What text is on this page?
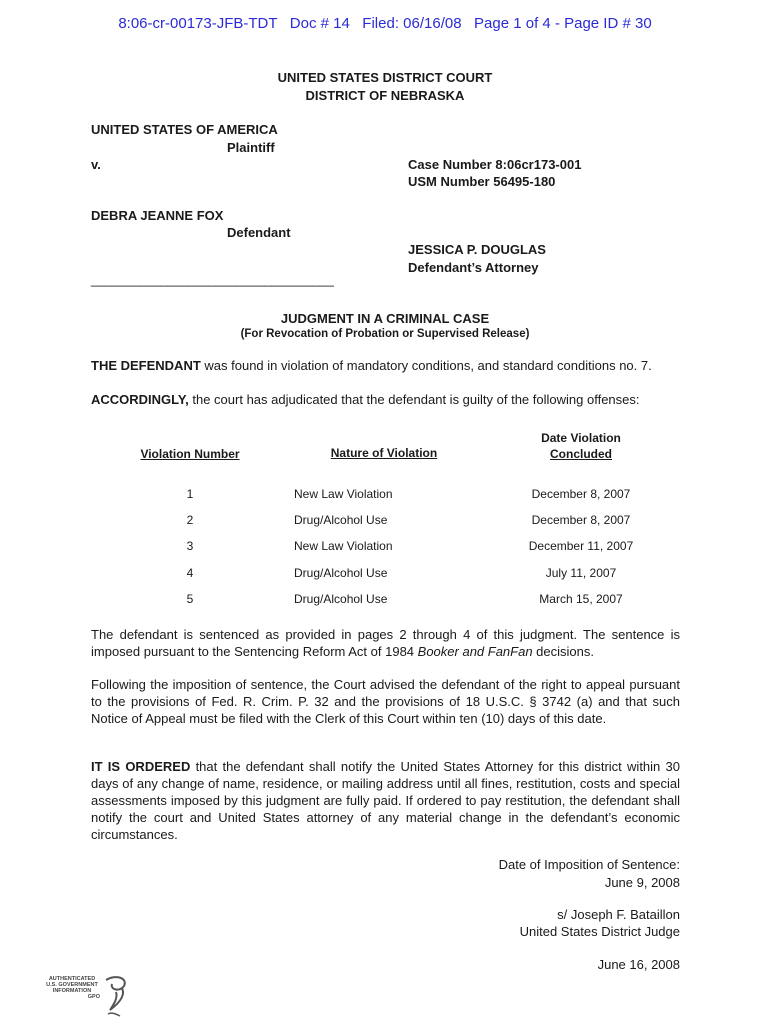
8:06-cr-00173-JFB-TDT   Doc # 14   Filed: 06/16/08   Page 1 of 4 - Page ID # 30
UNITED STATES DISTRICT COURT
DISTRICT OF NEBRASKA
UNITED STATES OF AMERICA
Plaintiff
v.	Case Number 8:06cr173-001
USM Number 56495-180
DEBRA JEANNE FOX
Defendant
JESSICA P. DOUGLAS
Defendant’s Attorney
___________________________________
JUDGMENT IN A CRIMINAL CASE
(For Revocation of Probation or Supervised Release)
THE DEFENDANT was found in violation of mandatory conditions, and standard conditions no. 7.
ACCORDINGLY, the court has adjudicated that the defendant is guilty of the following offenses:
Violation Number	Nature of Violation
Date Violation
Concluded
1	New Law Violation	December 8, 2007
2	Drug/Alcohol Use	December 8, 2007
3	New Law Violation	December 11, 2007
4	Drug/Alcohol Use	July 11, 2007
5	Drug/Alcohol Use	March 15, 2007
The defendant is sentenced as provided in pages 2 through 4 of this judgment. The sentence is imposed pursuant to the Sentencing Reform Act of 1984 Booker and FanFan decisions.
Following the imposition of sentence, the Court advised the defendant of the right to appeal pursuant to the provisions of Fed. R. Crim. P. 32 and the provisions of 18 U.S.C. § 3742 (a) and that such Notice of Appeal must be filed with the Clerk of this Court within ten (10) days of this date.
IT IS ORDERED that the defendant shall notify the United States Attorney for this district within 30 days of any change of name, residence, or mailing address until all fines, restitution, costs and special assessments imposed by this judgment are fully paid. If ordered to pay restitution, the defendant shall notify the court and United States attorney of any material change in the defendant’s economic circumstances.
Date of Imposition of Sentence:
June 9, 2008
s/ Joseph F. Bataillon
United States District Judge
June 16, 2008
AUTHENTICATED
U.S. GOVERNMENT
INFORMATION
GPO
